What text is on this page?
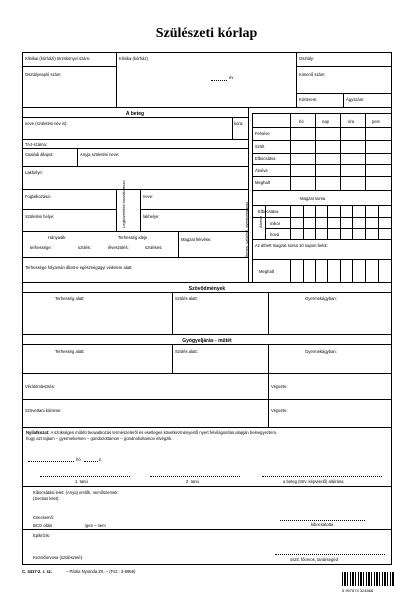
Szülészeti kórlap
Klinikai (kórházi) törzskönyvi szám:	Klinika (kórház)	Osztály:
Osztálynapló szám:
év
Kimenő szám:
Kórterem:	Ágyszám:
A beteg
neve (születési név is):	kora:
TAJ-száma:
Családi állapot:	Anyja születési neve:
Lakhelye:
Foglalkozása:	Legközelebbi hozzátartozó	neve:
Születési helye:	lakhelye:
Hányadik	Terhesség ideje	Magzat fekvése:
terhessége:	szülés:	élveszülés:	szüléses:
Terhessége folyamán állott-e egészségügyi védelem alatt:
Terhes, szülőnő, gyermekágyas
hó	nap	óra	perc
Felvéve
Szült
Elbocsátva
Átvéve
Meghalt
Magzat sorsa
Átvéve
Elbocsátva
mikor
hová
Az áthett magzat sorsa 10 napon belül:
Meghalt
Szövődmények
Terhesség alatt:	Szülés alatt:	Gyermekágyban:
Gyógyeljárás - műtét
Terhesség alatt:	Szülés alatt:	Gyermekágyban:
Vérátömlesztés:	Végezte:
Szövettani kórisme:	Végezte:
Nyilatkozat: A szükséges műtéti beavatkozás természetéről és esetleges következményeiről nyert felvilágosítás alapján beleegyeztem,
hogy azt rajtam – gyermekemen – gondozottamon – gondnokoltamon elvégzik.
hó	n.
1. tanú	2. tanú	a beteg (törv. képviselő) aláírása
Kibocsátási lelet: (Anya) emlők, nemőszervek:
(Sectios lelet):
Csecsemő:
BCG oltás	igen – nem	kibocsátotta
Epikrízis:
Kezelőorvosa (szülészeté):	osztl. főorvos, tanársegéd
C. 3417-2. r. sz.	– Pátria Nyomda Zrt. – (Fsz.: 3-8959)
5 997674 324868
